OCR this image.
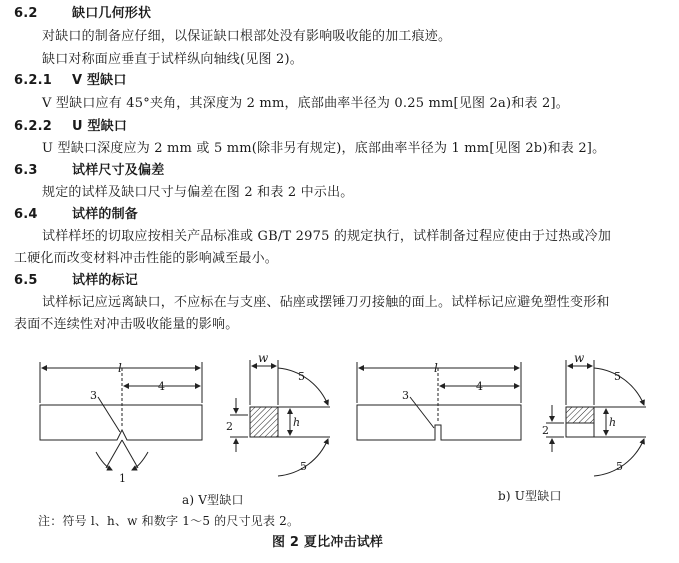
6.2	缺口几何形状
对缺口的制备应仔细，以保证缺口根部处没有影响吸收能的加工痕迹。
缺口对称面应垂直于试样纵向轴线(见图 2)。
6.2.1 V 型缺口
V 型缺口应有 45°夹角，其深度为 2 mm，底部曲率半径为 0.25 mm[见图 2a)和表 2]。
6.2.2 U 型缺口
U 型缺口深度应为 2 mm 或 5 mm(除非另有规定)，底部曲率半径为 1 mm[见图 2b)和表 2]。
6.3	试样尺寸及偏差
规定的试样及缺口尺寸与偏差在图 2 和表 2 中示出。
6.4	试样的制备
试样样坯的切取应按相关产品标准或 GB/T 2975 的规定执行，试样制备过程应使由于过热或冷加
工硬化而改变材料冲击性能的影响减至最小。
6.5	试样的标记
试样标记应远离缺口，不应标在与支座、砧座或摆锤刀刃接触的面上。试样标记应避免塑性变形和
表面不连续性对冲击吸收能量的影响。
l
4
3
1
w
h
2
5
5
l
4
3
w
h
2
5
5
a) V型缺口	b) U型缺口
注：符号 l、h、w 和数字 1～5 的尺寸见表 2。
图 2 夏比冲击试样
